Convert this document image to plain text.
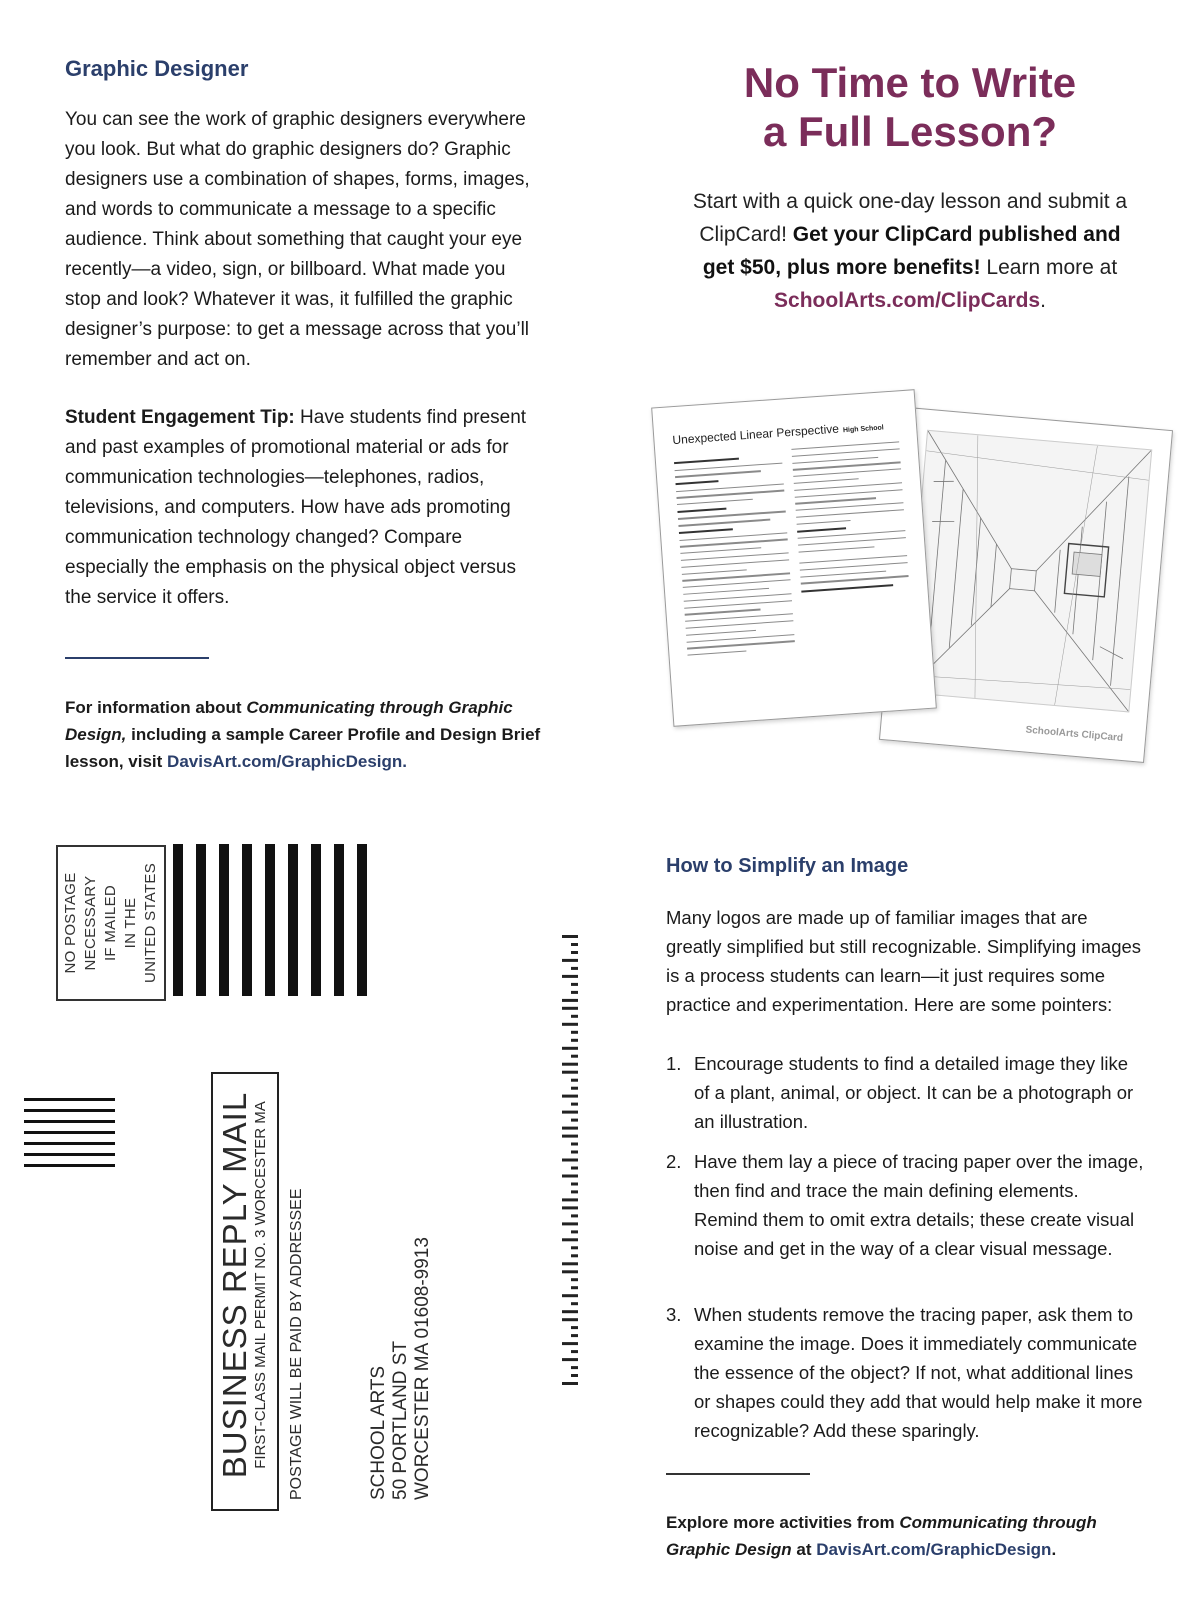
Graphic Designer
You can see the work of graphic designers everywhere you look. But what do graphic designers do? Graphic designers use a combination of shapes, forms, images, and words to communicate a message to a specific audience. Think about something that caught your eye recently—a video, sign, or billboard. What made you stop and look? Whatever it was, it fulfilled the graphic designer’s purpose: to get a message across that you’ll remember and act on.
Student Engagement Tip: Have students find present and past examples of promotional material or ads for communication technologies—telephones, radios, televisions, and computers. How have ads promoting communication technology changed? Compare especially the emphasis on the physical object versus the service it offers.
For information about Communicating through Graphic Design, including a sample Career Profile and Design Brief lesson, visit DavisArt.com/GraphicDesign.
No Time to Write
a Full Lesson?
Start with a quick one-day lesson and submit a ClipCard! Get your ClipCard published and get $50, plus more benefits! Learn more at SchoolArts.com/ClipCards.
SchoolArts ClipCard
Unexpected Linear Perspective High School
NO POSTAGE NECESSARY IF MAILED IN THE UNITED STATES
BUSINESS REPLY MAIL FIRST-CLASS MAIL PERMIT NO. 3 WORCESTER MA POSTAGE WILL BE PAID BY ADDRESSEE	SCHOOL ARTS 50 PORTLAND ST WORCESTER MA 01608-9913
How to Simplify an Image
Many logos are made up of familiar images that are greatly simplified but still recognizable. Simplifying images is a process students can learn—it just requires some practice and experimentation. Here are some pointers:
1. Encourage students to find a detailed image they like of a plant, animal, or object. It can be a photograph or an illustration.
2. Have them lay a piece of tracing paper over the image, then find and trace the main defining elements. Remind them to omit extra details; these create visual noise and get in the way of a clear visual message.
3. When students remove the tracing paper, ask them to examine the image. Does it immediately communicate the essence of the object? If not, what additional lines or shapes could they add that would help make it more recognizable? Add these sparingly.
Explore more activities from Communicating through Graphic Design at DavisArt.com/GraphicDesign.
